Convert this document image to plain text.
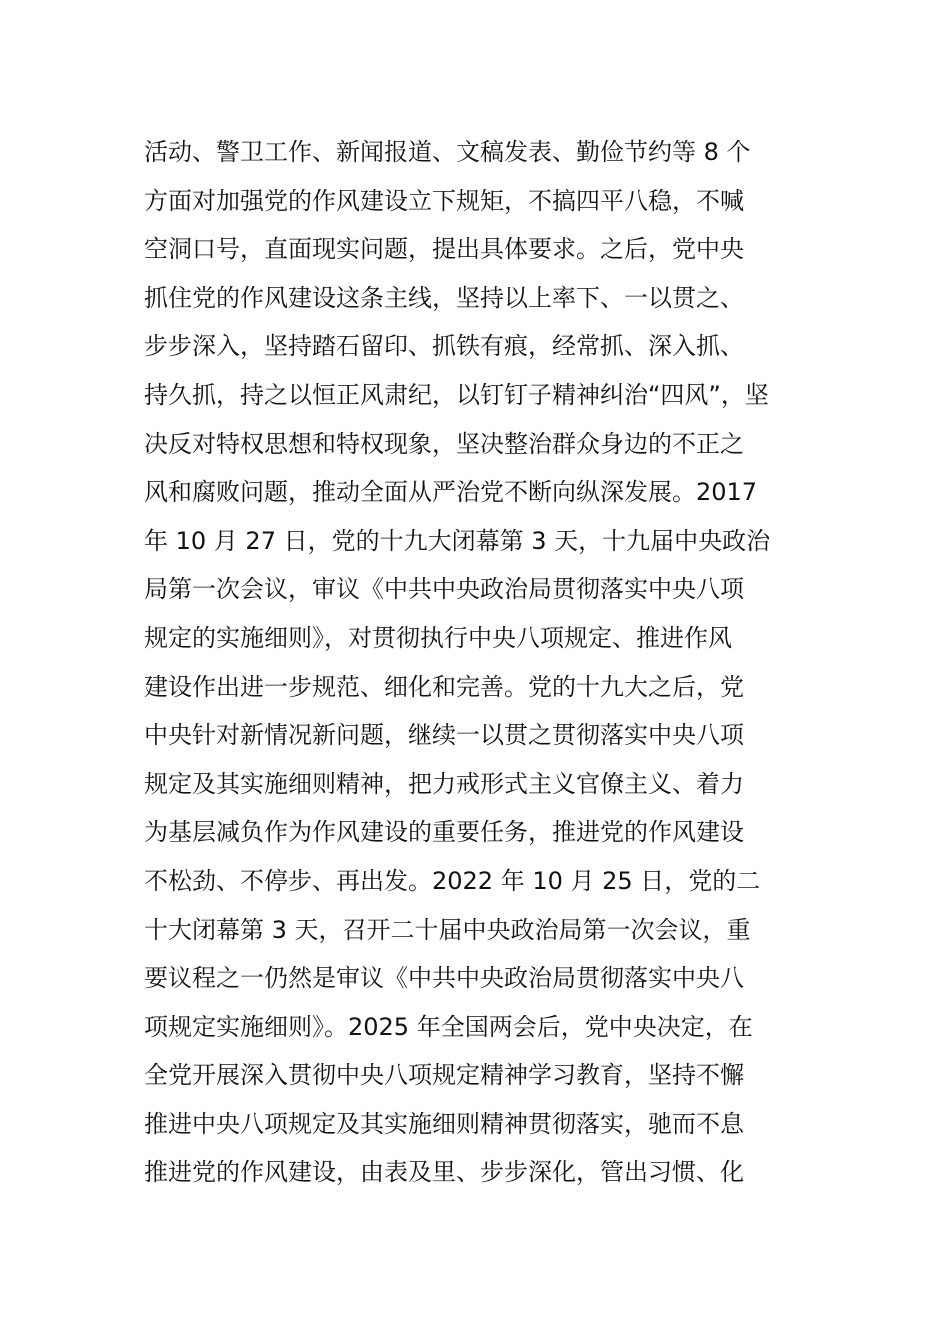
活动、警卫工作、新闻报道、文稿发表、勤俭节约等 8 个
方面对加强党的作风建设立下规矩，不搞四平八稳，不喊
空洞口号，直面现实问题，提出具体要求。之后，党中央
抓住党的作风建设这条主线，坚持以上率下、一以贯之、
步步深入，坚持踏石留印、抓铁有痕，经常抓、深入抓、
持久抓，持之以恒正风肃纪，以钉钉子精神纠治“四风”，坚
决反对特权思想和特权现象，坚决整治群众身边的不正之
风和腐败问题，推动全面从严治党不断向纵深发展。2017
年 10 月 27 日，党的十九大闭幕第 3 天，十九届中央政治
局第一次会议，审议《中共中央政治局贯彻落实中央八项
规定的实施细则》，对贯彻执行中央八项规定、推进作风
建设作出进一步规范、细化和完善。党的十九大之后，党
中央针对新情况新问题，继续一以贯之贯彻落实中央八项
规定及其实施细则精神，把力戒形式主义官僚主义、着力
为基层减负作为作风建设的重要任务，推进党的作风建设
不松劲、不停步、再出发。2022 年 10 月 25 日，党的二
十大闭幕第 3 天，召开二十届中央政治局第一次会议，重
要议程之一仍然是审议《中共中央政治局贯彻落实中央八
项规定实施细则》。2025 年全国两会后，党中央决定，在
全党开展深入贯彻中央八项规定精神学习教育，坚持不懈
推进中央八项规定及其实施细则精神贯彻落实，驰而不息
推进党的作风建设，由表及里、步步深化，管出习惯、化
